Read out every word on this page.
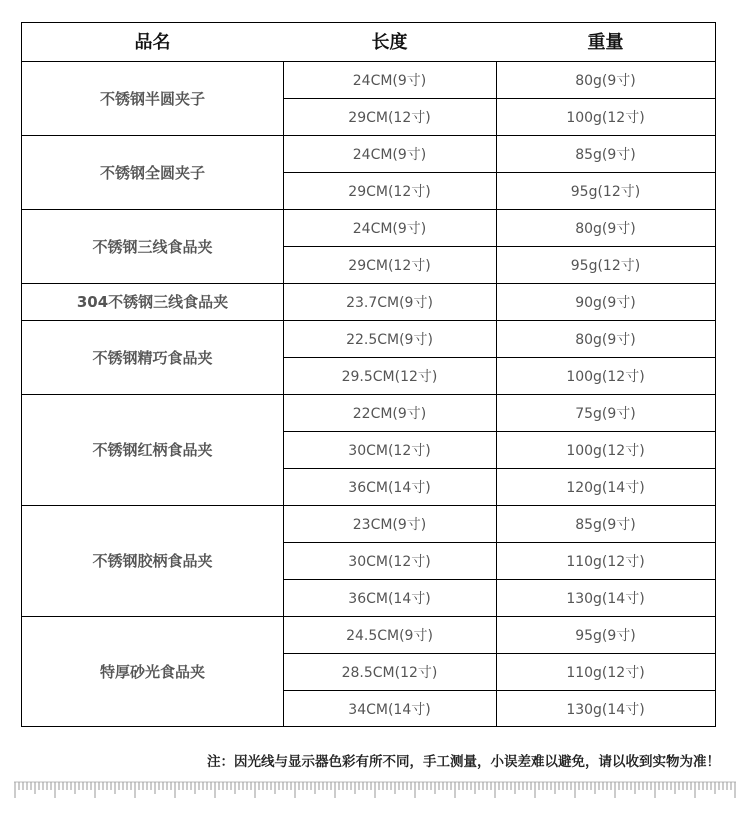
品名	长度	重量
不锈钢半圆夹子
24CM(9寸)	80g(9寸)
29CM(12寸)	100g(12寸)
不锈钢全圆夹子
24CM(9寸)	85g(9寸)
29CM(12寸)	95g(12寸)
不锈钢三线食品夹
24CM(9寸)	80g(9寸)
29CM(12寸)	95g(12寸)
304不锈钢三线食品夹	23.7CM(9寸)	90g(9寸)
不锈钢精巧食品夹
22.5CM(9寸)	80g(9寸)
29.5CM(12寸)	100g(12寸)
不锈钢红柄食品夹
22CM(9寸)	75g(9寸)
30CM(12寸)	100g(12寸)
36CM(14寸)	120g(14寸)
不锈钢胶柄食品夹
23CM(9寸)	85g(9寸)
30CM(12寸)	110g(12寸)
36CM(14寸)	130g(14寸)
特厚砂光食品夹
24.5CM(9寸)	95g(9寸)
28.5CM(12寸)	110g(12寸)
34CM(14寸)	130g(14寸)
注：因光线与显示器色彩有所不同，手工测量，小误差难以避免，请以收到实物为准！
